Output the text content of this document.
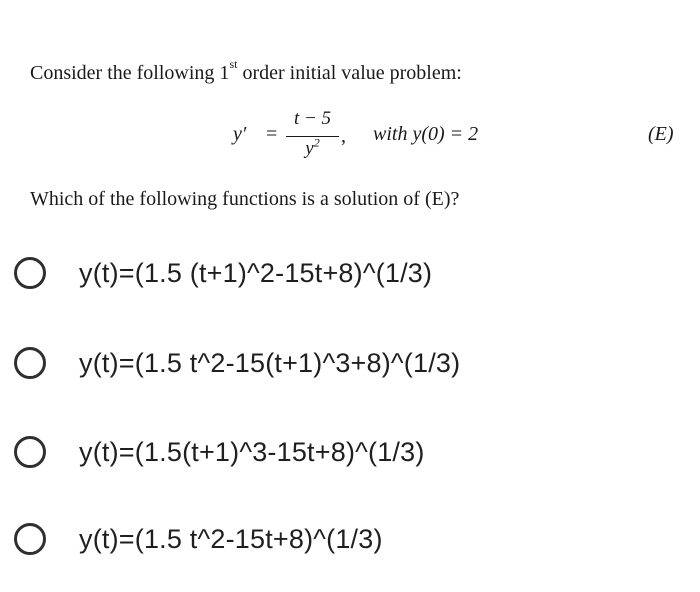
Consider the following 1st order initial value problem:
y′ =
t − 5
$y^2$	, with y(0) = 2	(E)
Which of the following functions is a solution of (E)?
y(t)=(1.5 (t+1)^2-15t+8)^(1/3)
y(t)=(1.5 t^2-15(t+1)^3+8)^(1/3)
y(t)=(1.5(t+1)^3-15t+8)^(1/3)
y(t)=(1.5 t^2-15t+8)^(1/3)
